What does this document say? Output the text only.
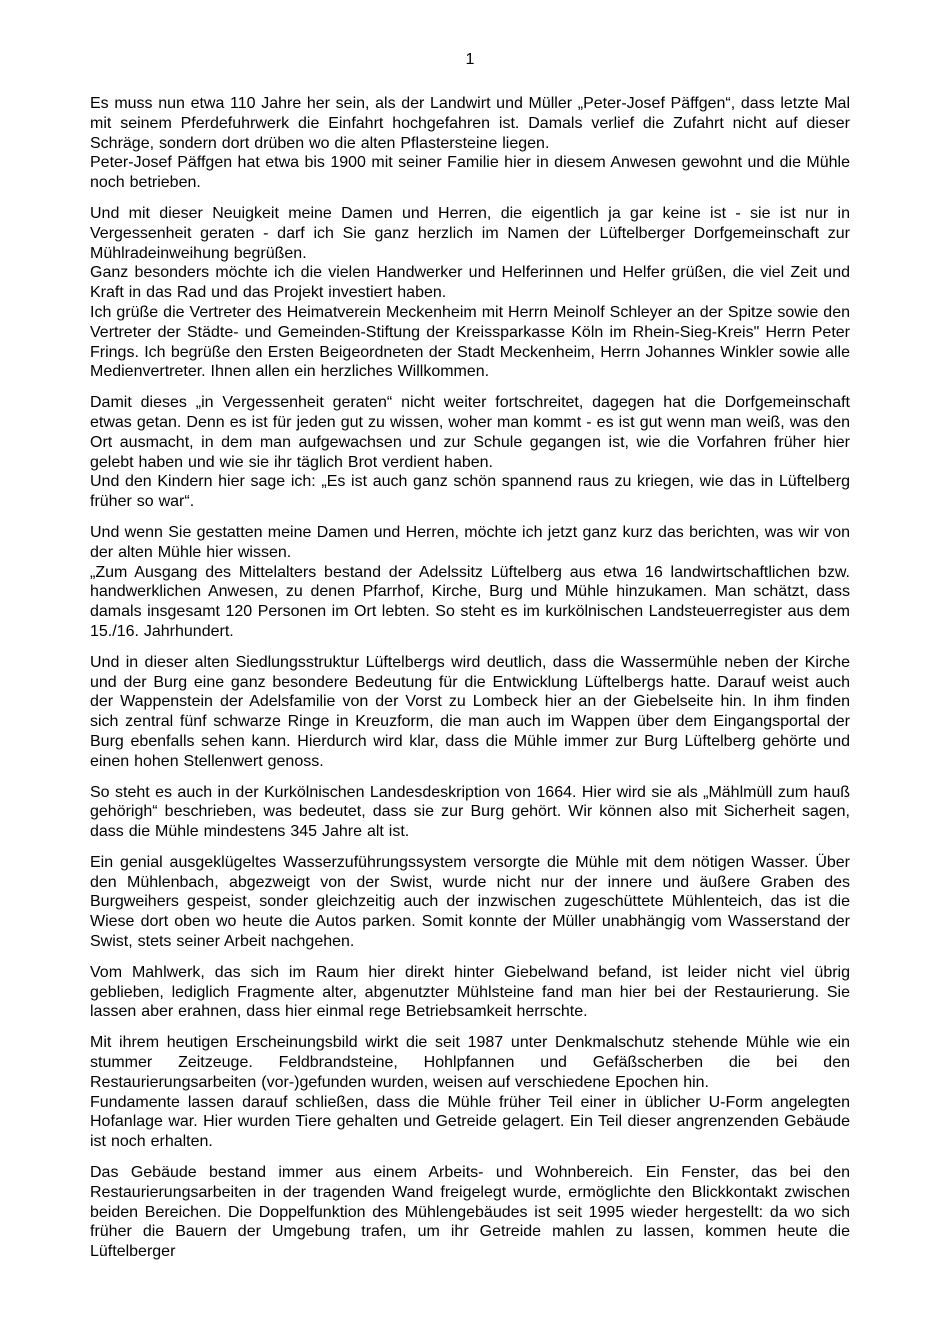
1

Es muss nun etwa 110 Jahre her sein, als der Landwirt und Müller „Peter-Josef Päffgen“, dass letzte Mal mit seinem Pferdefuhrwerk die Einfahrt hochgefahren ist. Damals verlief die Zufahrt nicht auf dieser Schräge, sondern dort drüben wo die alten Pflastersteine liegen.

Peter-Josef Päffgen hat etwa bis 1900 mit seiner Familie hier in diesem Anwesen gewohnt und die Mühle noch betrieben.

Und mit dieser Neuigkeit meine Damen und Herren, die eigentlich ja gar keine ist - sie ist nur in Vergessenheit geraten - darf ich Sie ganz herzlich im Namen der Lüftelberger Dorfgemeinschaft zur Mühlradeinweihung begrüßen.

Ganz besonders möchte ich die vielen Handwerker und Helferinnen und Helfer grüßen, die viel Zeit und Kraft in das Rad und das Projekt investiert haben.

Ich grüße die Vertreter des Heimatverein Meckenheim mit Herrn Meinolf Schleyer an der Spitze sowie den Vertreter der Städte- und Gemeinden-Stiftung der Kreissparkasse Köln im Rhein-Sieg-Kreis" Herrn Peter Frings. Ich begrüße den Ersten Beigeordneten der Stadt Meckenheim, Herrn Johannes Winkler sowie alle Medienvertreter. Ihnen allen ein herzliches Willkommen.

Damit dieses „in Vergessenheit geraten“ nicht weiter fortschreitet, dagegen hat die Dorfgemeinschaft etwas getan. Denn es ist für jeden gut zu wissen, woher man kommt - es ist gut wenn man weiß, was den Ort ausmacht, in dem man aufgewachsen und zur Schule gegangen ist, wie die Vorfahren früher hier gelebt haben und wie sie ihr täglich Brot verdient haben.

Und den Kindern hier sage ich: „Es ist auch ganz schön spannend raus zu kriegen, wie das in Lüftelberg früher so war“.

Und wenn Sie gestatten meine Damen und Herren, möchte ich jetzt ganz kurz das berichten, was wir von der alten Mühle hier wissen.

„Zum Ausgang des Mittelalters bestand der Adelssitz Lüftelberg aus etwa 16 landwirtschaftlichen bzw. handwerklichen Anwesen, zu denen Pfarrhof, Kirche, Burg und Mühle hinzukamen. Man schätzt, dass damals insgesamt 120 Personen im Ort lebten. So steht es im kurkölnischen Landsteuerregister aus dem 15./16. Jahrhundert.

Und in dieser alten Siedlungsstruktur Lüftelbergs wird deutlich, dass die Wassermühle neben der Kirche und der Burg eine ganz besondere Bedeutung für die Entwicklung Lüftelbergs hatte. Darauf weist auch der Wappenstein der Adelsfamilie von der Vorst zu Lombeck hier an der Giebelseite hin. In ihm finden sich zentral fünf schwarze Ringe in Kreuzform, die man auch im Wappen über dem Eingangsportal der Burg ebenfalls sehen kann. Hierdurch wird klar, dass die Mühle immer zur Burg Lüftelberg gehörte und einen hohen Stellenwert genoss.

So steht es auch in der Kurkölnischen Landesdeskription von 1664. Hier wird sie als „Mählmüll zum hauß gehörigh“ beschrieben, was bedeutet, dass sie zur Burg gehört. Wir können also mit Sicherheit sagen, dass die Mühle mindestens 345 Jahre alt ist.

Ein genial ausgeklügeltes Wasserzuführungssystem versorgte die Mühle mit dem nötigen Wasser. Über den Mühlenbach, abgezweigt von der Swist, wurde nicht nur der innere und äußere Graben des Burgweihers gespeist, sonder gleichzeitig auch der inzwischen zugeschüttete Mühlenteich, das ist die Wiese dort oben wo heute die Autos parken. Somit konnte der Müller unabhängig vom Wasserstand der Swist, stets seiner Arbeit nachgehen.

Vom Mahlwerk, das sich im Raum hier direkt hinter Giebelwand befand, ist leider nicht viel übrig geblieben, lediglich Fragmente alter, abgenutzter Mühlsteine fand man hier bei der Restaurierung. Sie lassen aber erahnen, dass hier einmal rege Betriebsamkeit herrschte.

Mit ihrem heutigen Erscheinungsbild wirkt die seit 1987 unter Denkmalschutz stehende Mühle wie ein stummer Zeitzeuge. Feldbrandsteine, Hohlpfannen und Gefäßscherben die bei den Restaurierungsarbeiten (vor-)gefunden wurden, weisen auf verschiedene Epochen hin.

Fundamente lassen darauf schließen, dass die Mühle früher Teil einer in üblicher U-Form angelegten Hofanlage war. Hier wurden Tiere gehalten und Getreide gelagert. Ein Teil dieser angrenzenden Gebäude ist noch erhalten.

Das Gebäude bestand immer aus einem Arbeits- und Wohnbereich. Ein Fenster, das bei den Restaurierungsarbeiten in der tragenden Wand freigelegt wurde, ermöglichte den Blickkontakt zwischen beiden Bereichen. Die Doppelfunktion des Mühlengebäudes ist seit 1995 wieder hergestellt: da wo sich früher die Bauern der Umgebung trafen, um ihr Getreide mahlen zu lassen, kommen heute die Lüftelberger
